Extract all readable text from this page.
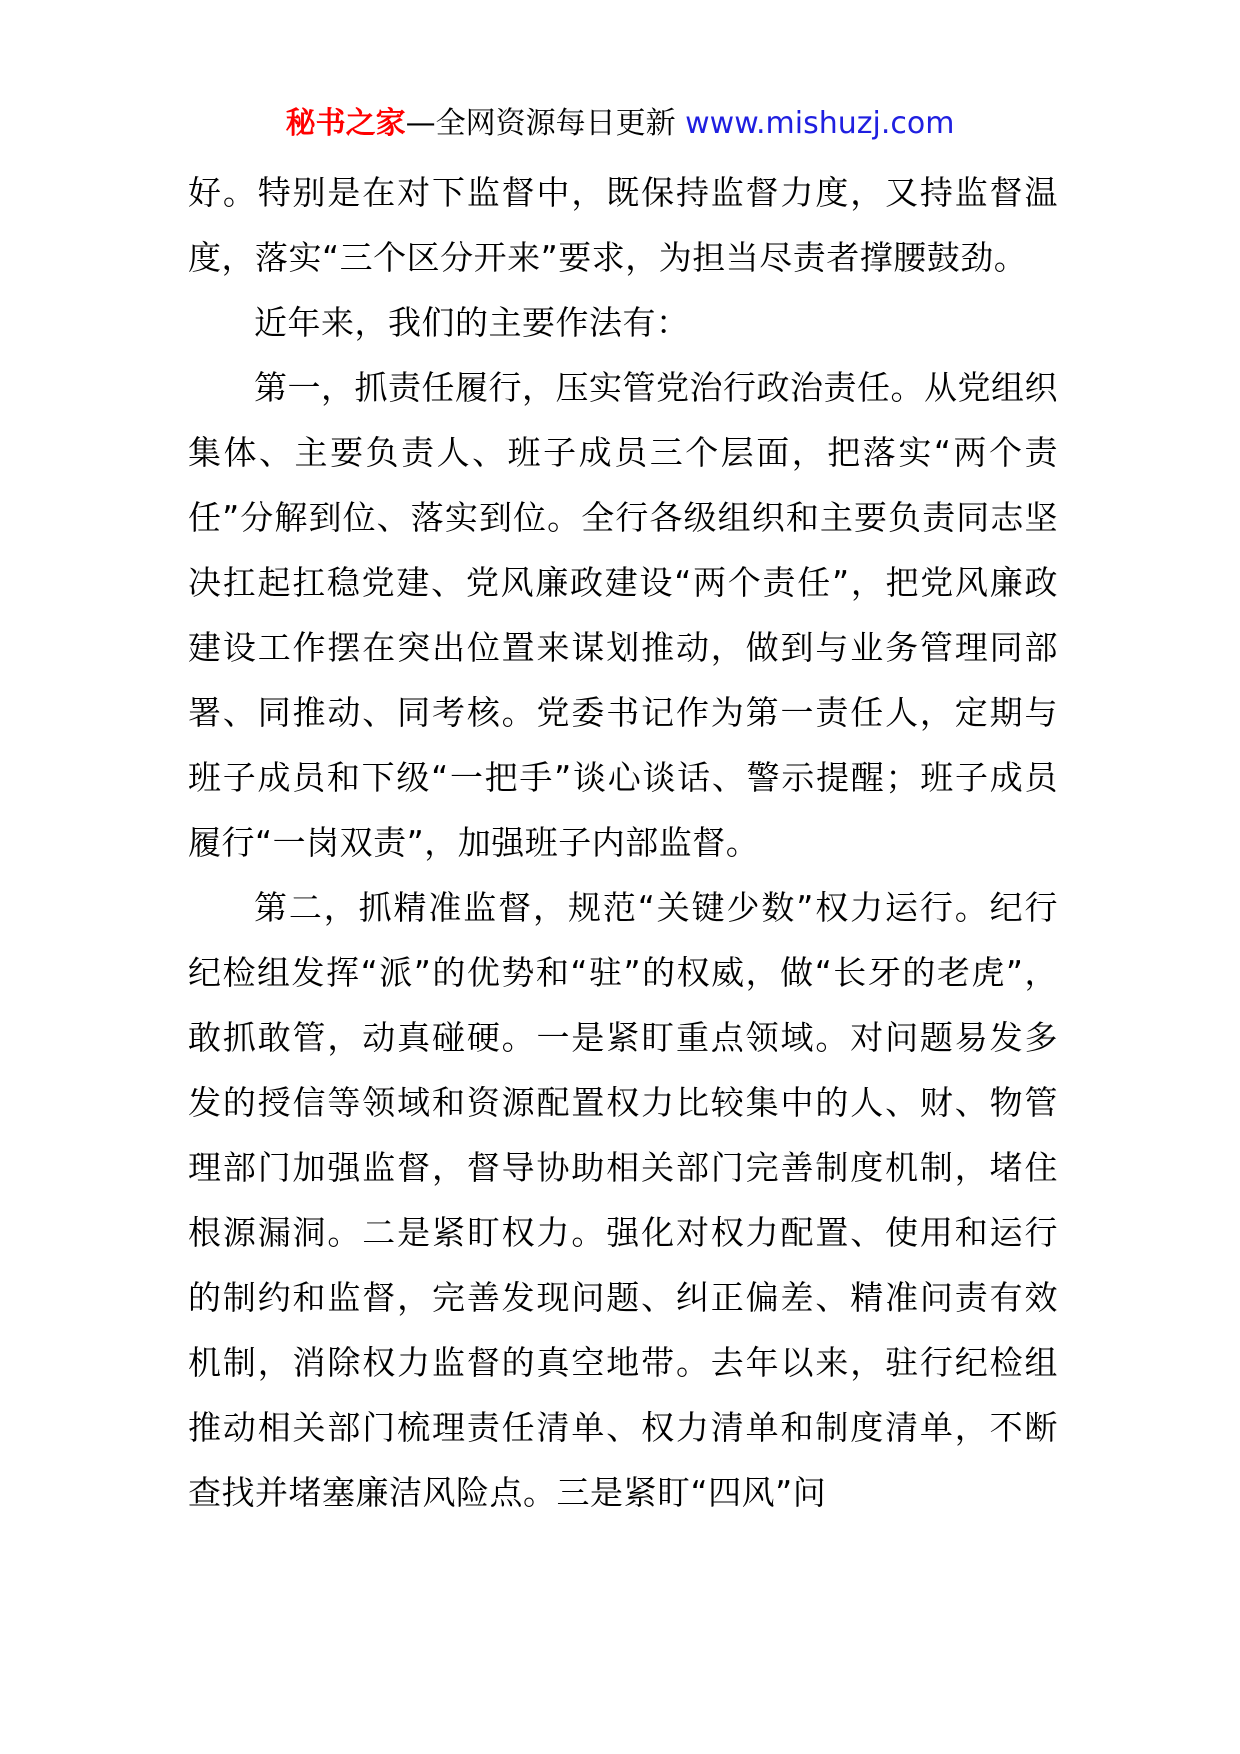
秘书之家—全网资源每日更新 www.mishuzj.com

好。特别是在对下监督中，既保持监督力度，又持监督温度，落实“三个区分开来”要求，为担当尽责者撑腰鼓劲。

近年来，我们的主要作法有：

第一，抓责任履行，压实管党治行政治责任。从党组织集体、主要负责人、班子成员三个层面，把落实“两个责任”分解到位、落实到位。全行各级组织和主要负责同志坚决扛起扛稳党建、党风廉政建设“两个责任”，把党风廉政建设工作摆在突出位置来谋划推动，做到与业务管理同部署、同推动、同考核。党委书记作为第一责任人，定期与班子成员和下级“一把手”谈心谈话、警示提醒；班子成员履行“一岗双责”，加强班子内部监督。

第二，抓精准监督，规范“关键少数”权力运行。纪行纪检组发挥“派”的优势和“驻”的权威，做“长牙的老虎”，敢抓敢管，动真碰硬。一是紧盯重点领域。对问题易发多发的授信等领域和资源配置权力比较集中的人、财、物管理部门加强监督，督导协助相关部门完善制度机制，堵住根源漏洞。二是紧盯权力。强化对权力配置、使用和运行的制约和监督，完善发现问题、纠正偏差、精准问责有效机制，消除权力监督的真空地带。去年以来，驻行纪检组推动相关部门梳理责任清单、权力清单和制度清单，不断查找并堵塞廉洁风险点。三是紧盯“四风”问
